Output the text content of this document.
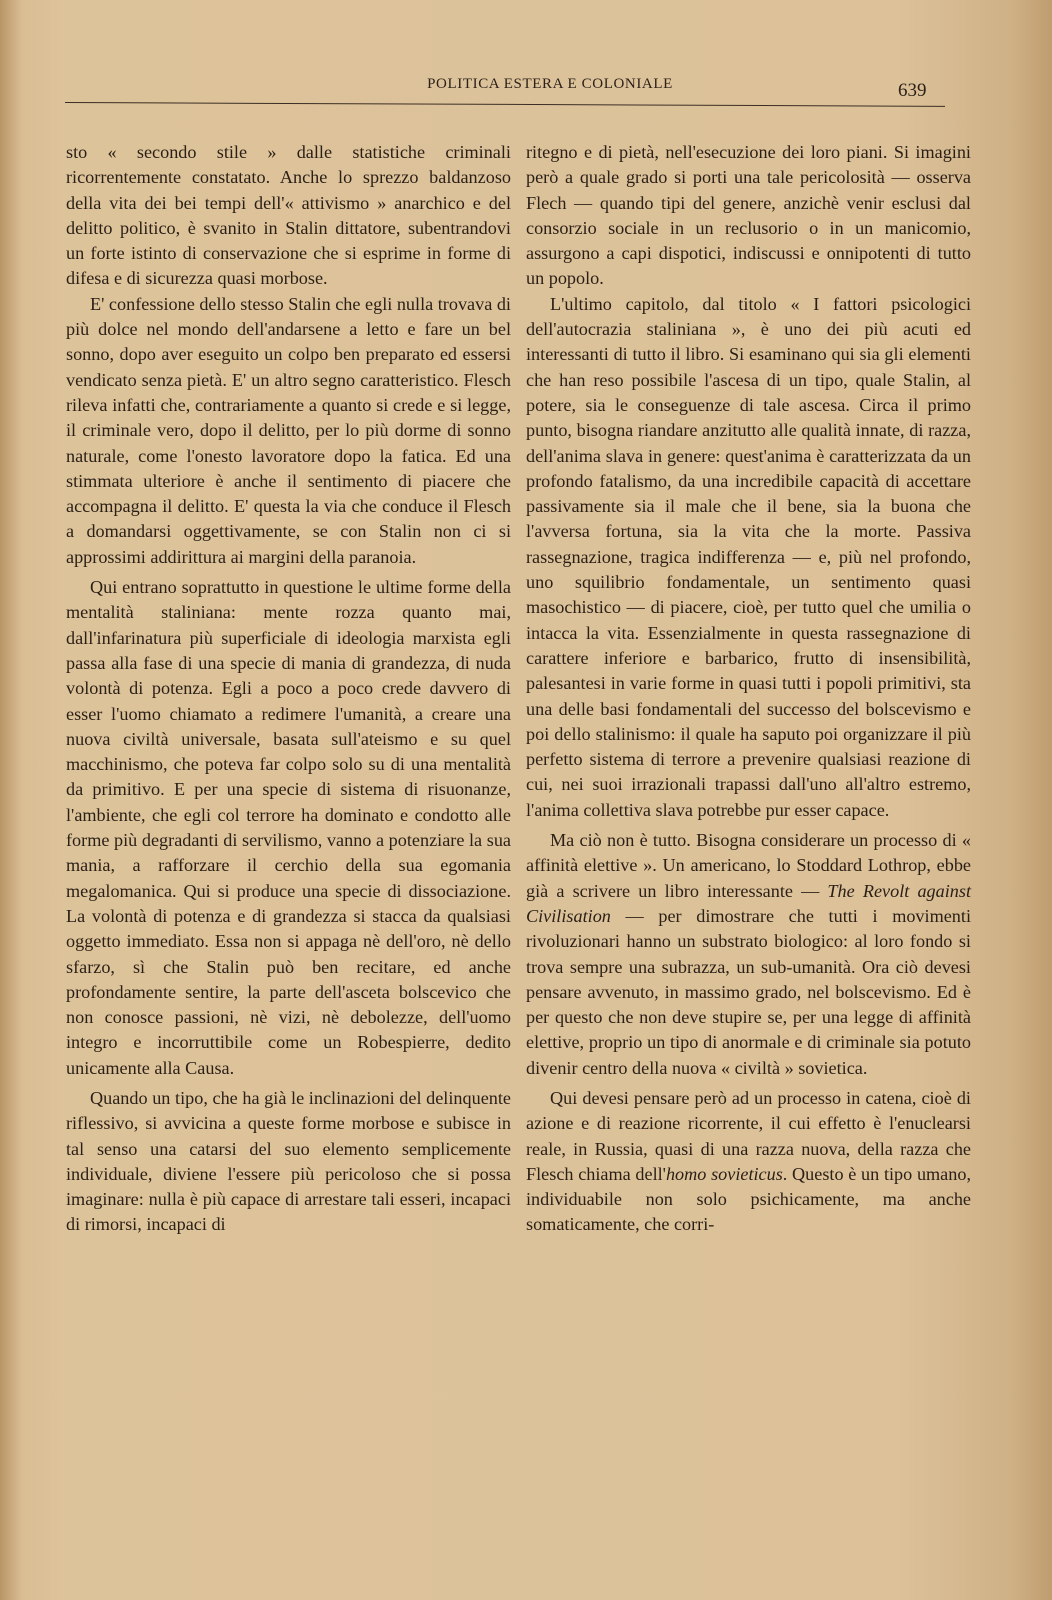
POLITICA ESTERA E COLONIALE	639

sto « secondo stile » dalle statistiche criminali ricorrentemente constatato. Anche lo sprezzo baldanzoso della vita dei bei tempi dell'« attivismo » anarchico e del delitto politico, è svanito in Stalin dittatore, subentrandovi un forte istinto di conservazione che si esprime in forme di difesa e di sicurezza quasi morbose.

E' confessione dello stesso Stalin che egli nulla trovava di più dolce nel mondo dell'andarsene a letto e fare un bel sonno, dopo aver eseguito un colpo ben preparato ed essersi vendicato senza pietà. E' un altro segno caratteristico. Flesch rileva infatti che, contrariamente a quanto si crede e si legge, il criminale vero, dopo il delitto, per lo più dorme di sonno naturale, come l'onesto lavoratore dopo la fatica. Ed una stimmata ulteriore è anche il sentimento di piacere che accompagna il delitto. E' questa la via che conduce il Flesch a domandarsi oggettivamente, se con Stalin non ci si approssimi addirittura ai margini della paranoia.

Qui entrano soprattutto in questione le ultime forme della mentalità staliniana: mente rozza quanto mai, dall'infarinatura più superficiale di ideologia marxista egli passa alla fase di una specie di mania di grandezza, di nuda volontà di potenza. Egli a poco a poco crede davvero di esser l'uomo chiamato a redimere l'umanità, a creare una nuova civiltà universale, basata sull'ateismo e su quel macchinismo, che poteva far colpo solo su di una mentalità da primitivo. E per una specie di sistema di risuonanze, l'ambiente, che egli col terrore ha dominato e condotto alle forme più degradanti di servilismo, vanno a potenziare la sua mania, a rafforzare il cerchio della sua egomania megalomanica. Qui si produce una specie di dissociazione. La volontà di potenza e di grandezza si stacca da qualsiasi oggetto immediato. Essa non si appaga nè dell'oro, nè dello sfarzo, sì che Stalin può ben recitare, ed anche profondamente sentire, la parte dell'asceta bolscevico che non conosce passioni, nè vizi, nè debolezze, dell'uomo integro e incorruttibile come un Robespierre, dedito unicamente alla Causa.

Quando un tipo, che ha già le inclinazioni del delinquente riflessivo, si avvicina a queste forme morbose e subisce in tal senso una catarsi del suo elemento semplicemente individuale, diviene l'essere più pericoloso che si possa imaginare: nulla è più capace di arrestare tali esseri, incapaci di rimorsi, incapaci di

ritegno e di pietà, nell'esecuzione dei loro piani. Si imagini però a quale grado si porti una tale pericolosità — osserva Flech — quando tipi del genere, anzichè venir esclusi dal consorzio sociale in un reclusorio o in un manicomio, assurgono a capi dispotici, indiscussi e onnipotenti di tutto un popolo.

L'ultimo capitolo, dal titolo « I fattori psicologici dell'autocrazia staliniana », è uno dei più acuti ed interessanti di tutto il libro. Si esaminano qui sia gli elementi che han reso possibile l'ascesa di un tipo, quale Stalin, al potere, sia le conseguenze di tale ascesa. Circa il primo punto, bisogna riandare anzitutto alle qualità innate, di razza, dell'anima slava in genere: quest'anima è caratterizzata da un profondo fatalismo, da una incredibile capacità di accettare passivamente sia il male che il bene, sia la buona che l'avversa fortuna, sia la vita che la morte. Passiva rassegnazione, tragica indifferenza — e, più nel profondo, uno squilibrio fondamentale, un sentimento quasi masochistico — di piacere, cioè, per tutto quel che umilia o intacca la vita. Essenzialmente in questa rassegnazione di carattere inferiore e barbarico, frutto di insensibilità, palesantesi in varie forme in quasi tutti i popoli primitivi, sta una delle basi fondamentali del successo del bolscevismo e poi dello stalinismo: il quale ha saputo poi organizzare il più perfetto sistema di terrore a prevenire qualsiasi reazione di cui, nei suoi irrazionali trapassi dall'uno all'altro estremo, l'anima collettiva slava potrebbe pur esser capace.

Ma ciò non è tutto. Bisogna considerare un processo di « affinità elettive ». Un americano, lo Stoddard Lothrop, ebbe già a scrivere un libro interessante — The Revolt against Civilisation — per dimostrare che tutti i movimenti rivoluzionari hanno un substrato biologico: al loro fondo si trova sempre una subrazza, un sub-umanità. Ora ciò devesi pensare avvenuto, in massimo grado, nel bolscevismo. Ed è per questo che non deve stupire se, per una legge di affinità elettive, proprio un tipo di anormale e di criminale sia potuto divenir centro della nuova « civiltà » sovietica.

Qui devesi pensare però ad un processo in catena, cioè di azione e di reazione ricorrente, il cui effetto è l'enuclearsi reale, in Russia, quasi di una razza nuova, della razza che Flesch chiama dell'homo sovieticus. Questo è un tipo umano, individuabile non solo psichicamente, ma anche somaticamente, che corri-
